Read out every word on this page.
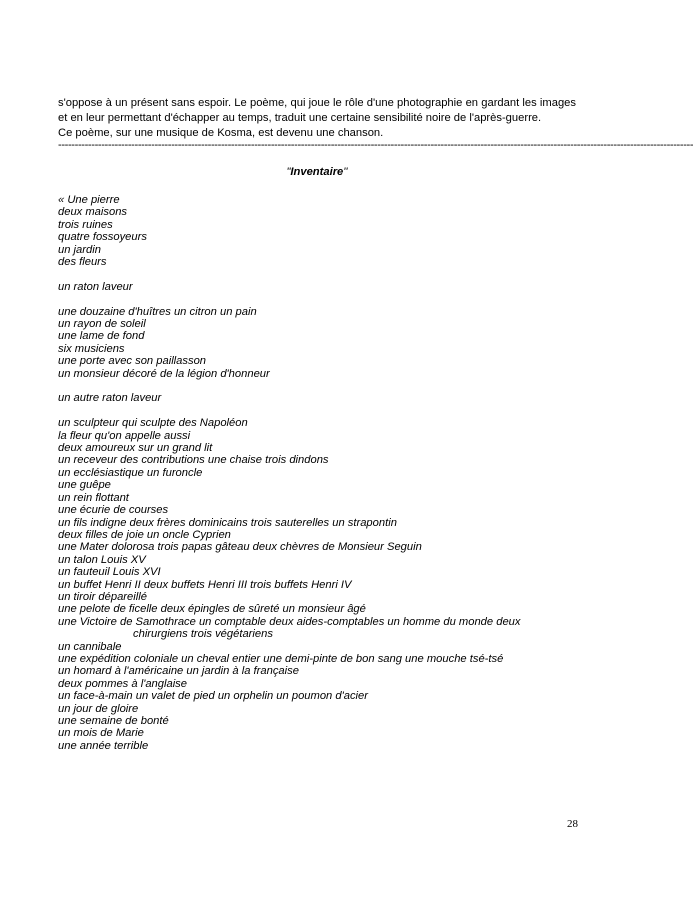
s'oppose à un présent sans espoir. Le poème, qui joue le rôle d'une photographie en gardant les images et en leur permettant d'échapper au temps, traduit une certaine sensibilité noire de l'après-guerre.

Ce poème, sur une musique de Kosma, est devenu une chanson.

-----------------------------------------------------------------------------------------------------------------------------------------------------------------------------------------------
"Inventaire''
« Une pierre
deux maisons
trois ruines
quatre fossoyeurs
un jardin
des fleurs
un raton laveur
une douzaine d'huîtres un citron un pain
un rayon de soleil
une lame de fond
six musiciens
une porte avec son paillasson
un monsieur décoré de la légion d'honneur
un autre raton laveur
un sculpteur qui sculpte des Napoléon
la fleur qu'on appelle aussi
deux amoureux sur un grand lit
un receveur des contributions une chaise trois dindons
un ecclésiastique un furoncle
une guêpe
un rein flottant
une écurie de courses
un fils indigne deux frères dominicains trois sauterelles un strapontin
deux filles de joie un oncle Cyprien
une Mater dolorosa trois papas gâteau deux chèvres de Monsieur Seguin
un talon Louis XV
un fauteuil Louis XVI
un buffet Henri II deux buffets Henri III trois buffets Henri IV
un tiroir dépareillé
une pelote de ficelle deux épingles de sûreté un monsieur âgé
une Victoire de Samothrace un comptable deux aides-comptables un homme du monde deux
chirurgiens trois végétariens
un cannibale
une expédition coloniale un cheval entier une demi-pinte de bon sang une mouche tsé-tsé
un homard à l'américaine un jardin à la française
deux pommes à l'anglaise
un face-à-main un valet de pied un orphelin un poumon d'acier
un jour de gloire
une semaine de bonté
un mois de Marie
une année terrible
28
